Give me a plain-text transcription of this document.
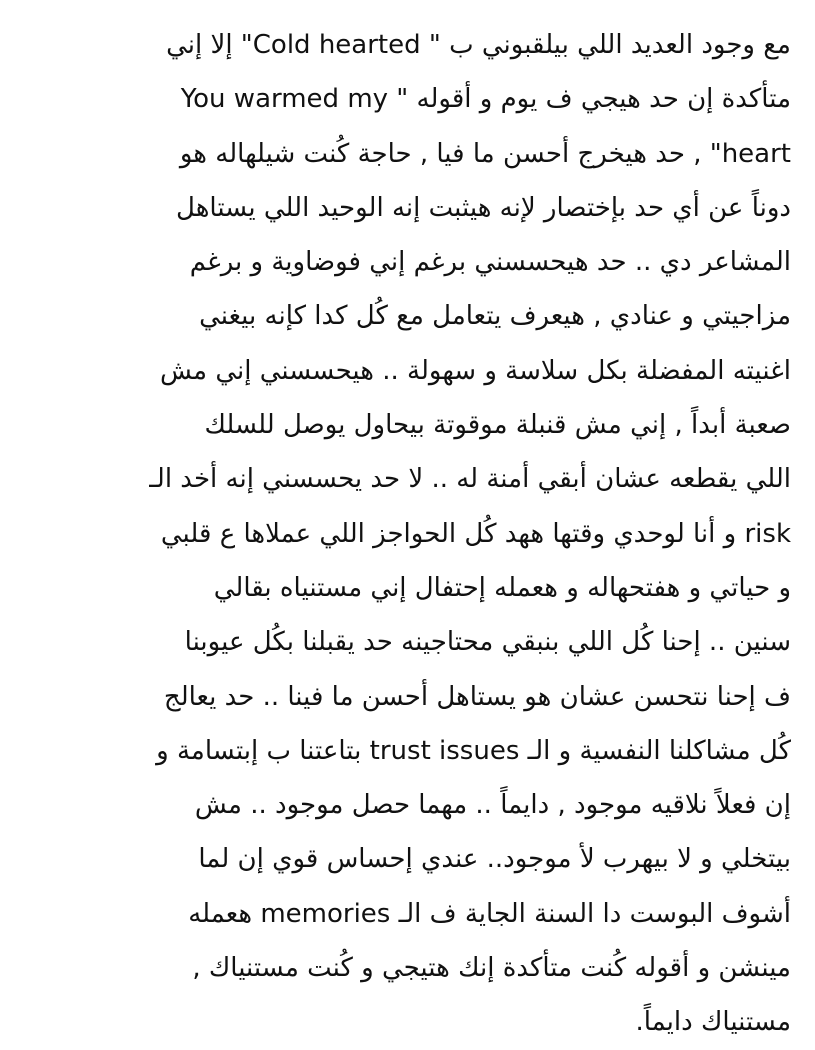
مع وجود العديد اللي بيلقبوني ب " Cold hearted" إلا إني
متأكدة إن حد هيجي ف يوم و أقوله " You warmed my
heart" , حد هيخرج أحسن ما فيا , حاجة كُنت شيلهاله هو
دوناً عن أي حد بإختصار لإنه هيثبت إنه الوحيد اللي يستاهل
المشاعر دي .. حد هيحسسني برغم إني فوضاوية و برغم
مزاجيتي و عنادي , هيعرف يتعامل مع كُل كدا كإنه بيغني
اغنيته المفضلة بكل سلاسة و سهولة .. هيحسسني إني مش
صعبة أبداً , إني مش قنبلة موقوتة بيحاول يوصل للسلك
اللي يقطعه عشان أبقي أمنة له .. لا حد يحسسني إنه أخد الـ
risk و أنا لوحدي وقتها ههد كُل الحواجز اللي عملاها ع قلبي
و حياتي و هفتحهاله و هعمله إحتفال إني مستنياه بقالي
سنين .. إحنا كُل اللي بنبقي محتاجينه حد يقبلنا بكُل عيوبنا
ف إحنا نتحسن عشان هو يستاهل أحسن ما فينا .. حد يعالج
كُل مشاكلنا النفسية و الـ trust issues بتاعتنا ب إبتسامة و
إن فعلاً نلاقيه موجود , دايماً .. مهما حصل موجود .. مش
بيتخلي و لا بيهرب لأ موجود.. عندي إحساس قوي إن لما
أشوف البوست دا السنة الجاية ف الـ memories هعمله
مينشن و أقوله كُنت متأكدة إنك هتيجي و كُنت مستنياك ,
مستنياك دايماً.
